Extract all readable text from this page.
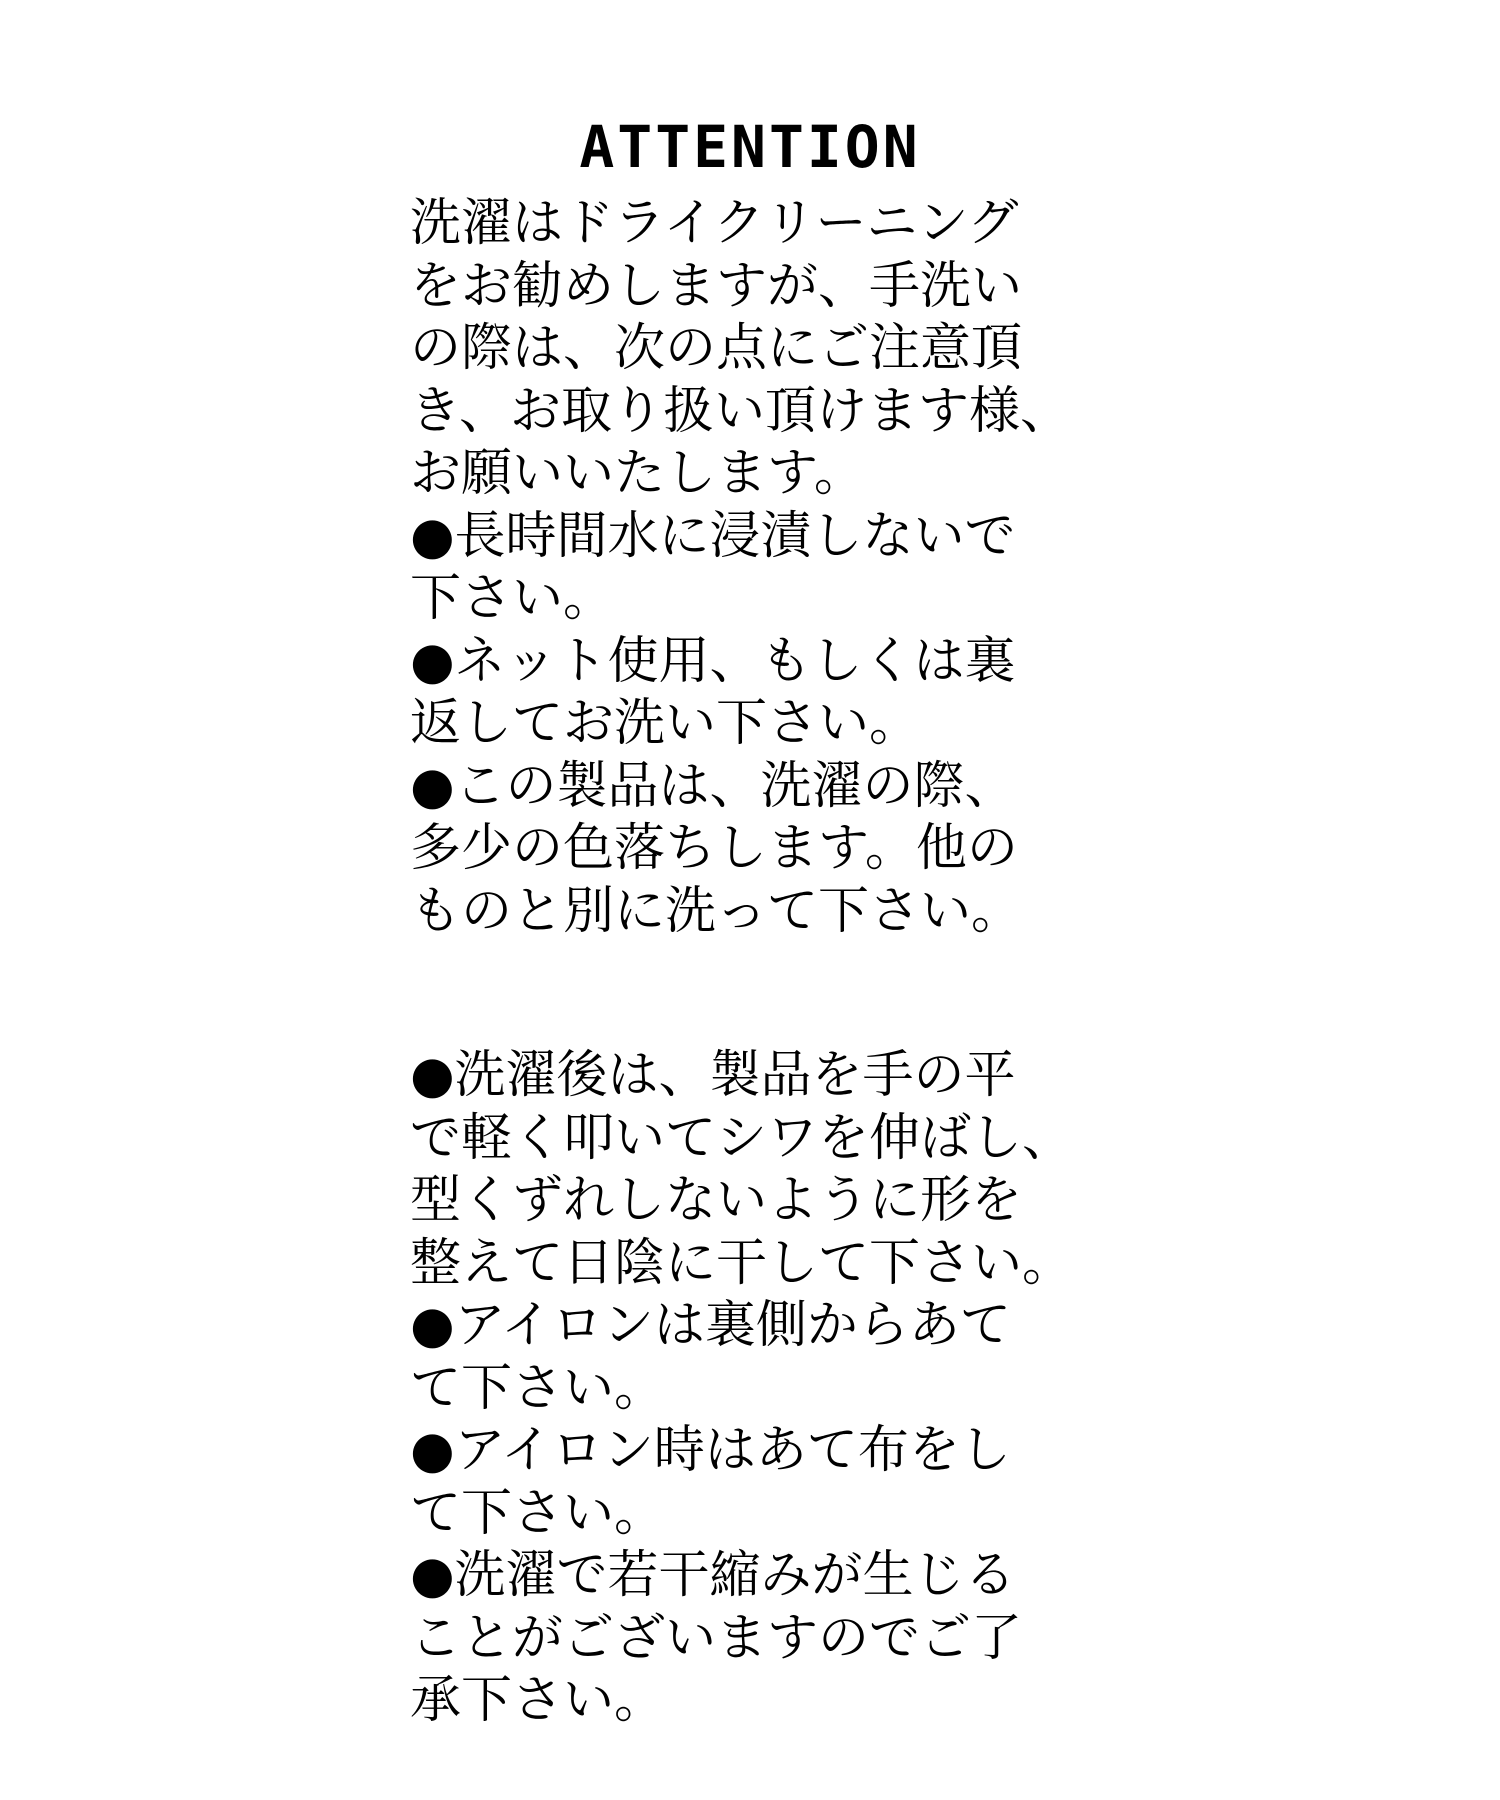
ATTENTION
洗濯はドライクリーニング
をお勧めしますが、手洗い
の際は、次の点にご注意頂
き、お取り扱い頂けます様、
お願いいたします。
●長時間水に浸漬しないで
下さい。
●ネット使用、もしくは裏
返してお洗い下さい。
●この製品は、洗濯の際、
多少の色落ちします。他の
ものと別に洗って下さい。
●洗濯後は、製品を手の平
で軽く叩いてシワを伸ばし、
型くずれしないように形を
整えて日陰に干して下さい。
●アイロンは裏側からあて
て下さい。
●アイロン時はあて布をし
て下さい。
●洗濯で若干縮みが生じる
ことがございますのでご了
承下さい。
